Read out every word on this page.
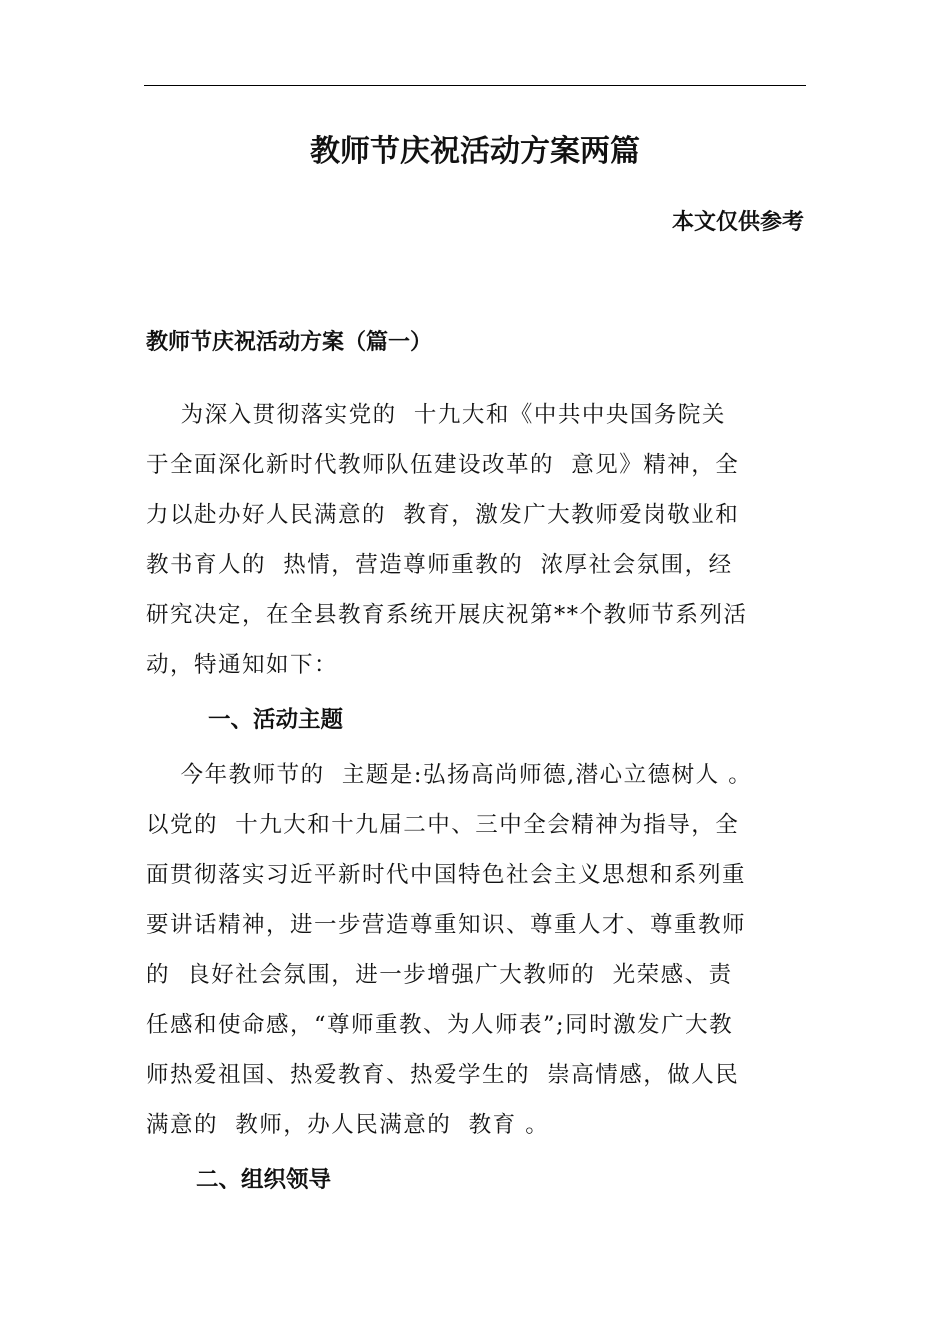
教师节庆祝活动方案两篇
本文仅供参考
教师节庆祝活动方案（篇一）
为深入贯彻落实党的  十九大和《中共中央国务院关
于全面深化新时代教师队伍建设改革的  意见》精神，全
力以赴办好人民满意的  教育，激发广大教师爱岗敬业和
教书育人的  热情，营造尊师重教的  浓厚社会氛围，经
研究决定，在全县教育系统开展庆祝第**个教师节系列活
动，特通知如下：
一、活动主题
今年教师节的  主题是:弘扬高尚师德,潜心立德树人 。
以党的  十九大和十九届二中、三中全会精神为指导，全
面贯彻落实习近平新时代中国特色社会主义思想和系列重
要讲话精神，进一步营造尊重知识、尊重人才、尊重教师
的  良好社会氛围，进一步增强广大教师的  光荣感、责
任感和使命感，“尊师重教、为人师表”;同时激发广大教
师热爱祖国、热爱教育、热爱学生的  崇高情感，做人民
满意的  教师，办人民满意的  教育 。
二、组织领导
